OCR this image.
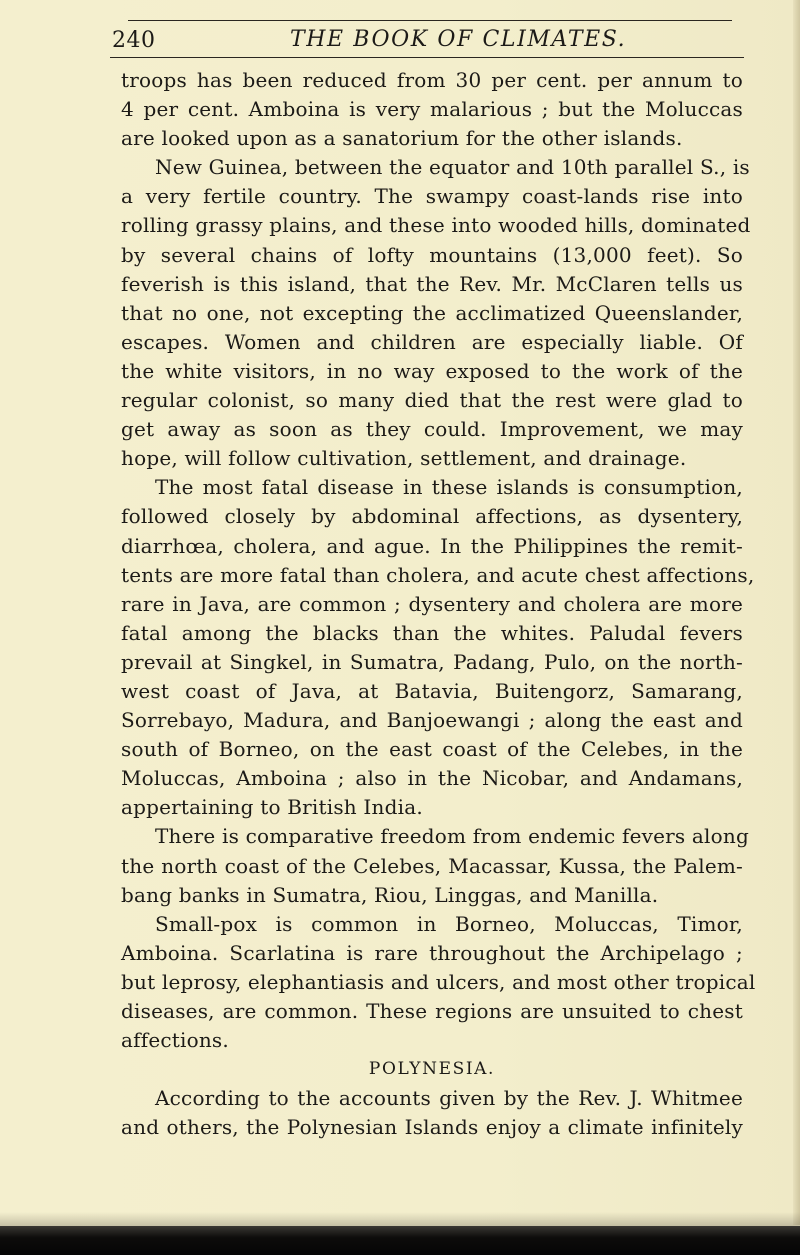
240	THE BOOK OF CLIMATES.
troops has been reduced from 30 per cent. per annum to
4 per cent. Amboina is very malarious ; but the Moluccas
are looked upon as a sanatorium for the other islands.
New Guinea, between the equator and 10th parallel S., is
a very fertile country. The swampy coast-lands rise into
rolling grassy plains, and these into wooded hills, dominated
by several chains of lofty mountains (13,000 feet). So
feverish is this island, that the Rev. Mr. McClaren tells us
that no one, not excepting the acclimatized Queenslander,
escapes. Women and children are especially liable. Of
the white visitors, in no way exposed to the work of the
regular colonist, so many died that the rest were glad to
get away as soon as they could. Improvement, we may
hope, will follow cultivation, settlement, and drainage.
The most fatal disease in these islands is consumption,
followed closely by abdominal affections, as dysentery,
diarrhœa, cholera, and ague. In the Philippines the remit-
tents are more fatal than cholera, and acute chest affections,
rare in Java, are common ; dysentery and cholera are more
fatal among the blacks than the whites. Paludal fevers
prevail at Singkel, in Sumatra, Padang, Pulo, on the north-
west coast of Java, at Batavia, Buitengorz, Samarang,
Sorrebayo, Madura, and Banjoewangi ; along the east and
south of Borneo, on the east coast of the Celebes, in the
Moluccas, Amboina ; also in the Nicobar, and Andamans,
appertaining to British India.
There is comparative freedom from endemic fevers along
the north coast of the Celebes, Macassar, Kussa, the Palem-
bang banks in Sumatra, Riou, Linggas, and Manilla.
Small-pox is common in Borneo, Moluccas, Timor,
Amboina. Scarlatina is rare throughout the Archipelago ;
but leprosy, elephantiasis and ulcers, and most other tropical
diseases, are common. These regions are unsuited to chest
affections.
POLYNESIA.
According to the accounts given by the Rev. J. Whitmee
and others, the Polynesian Islands enjoy a climate infinitely
